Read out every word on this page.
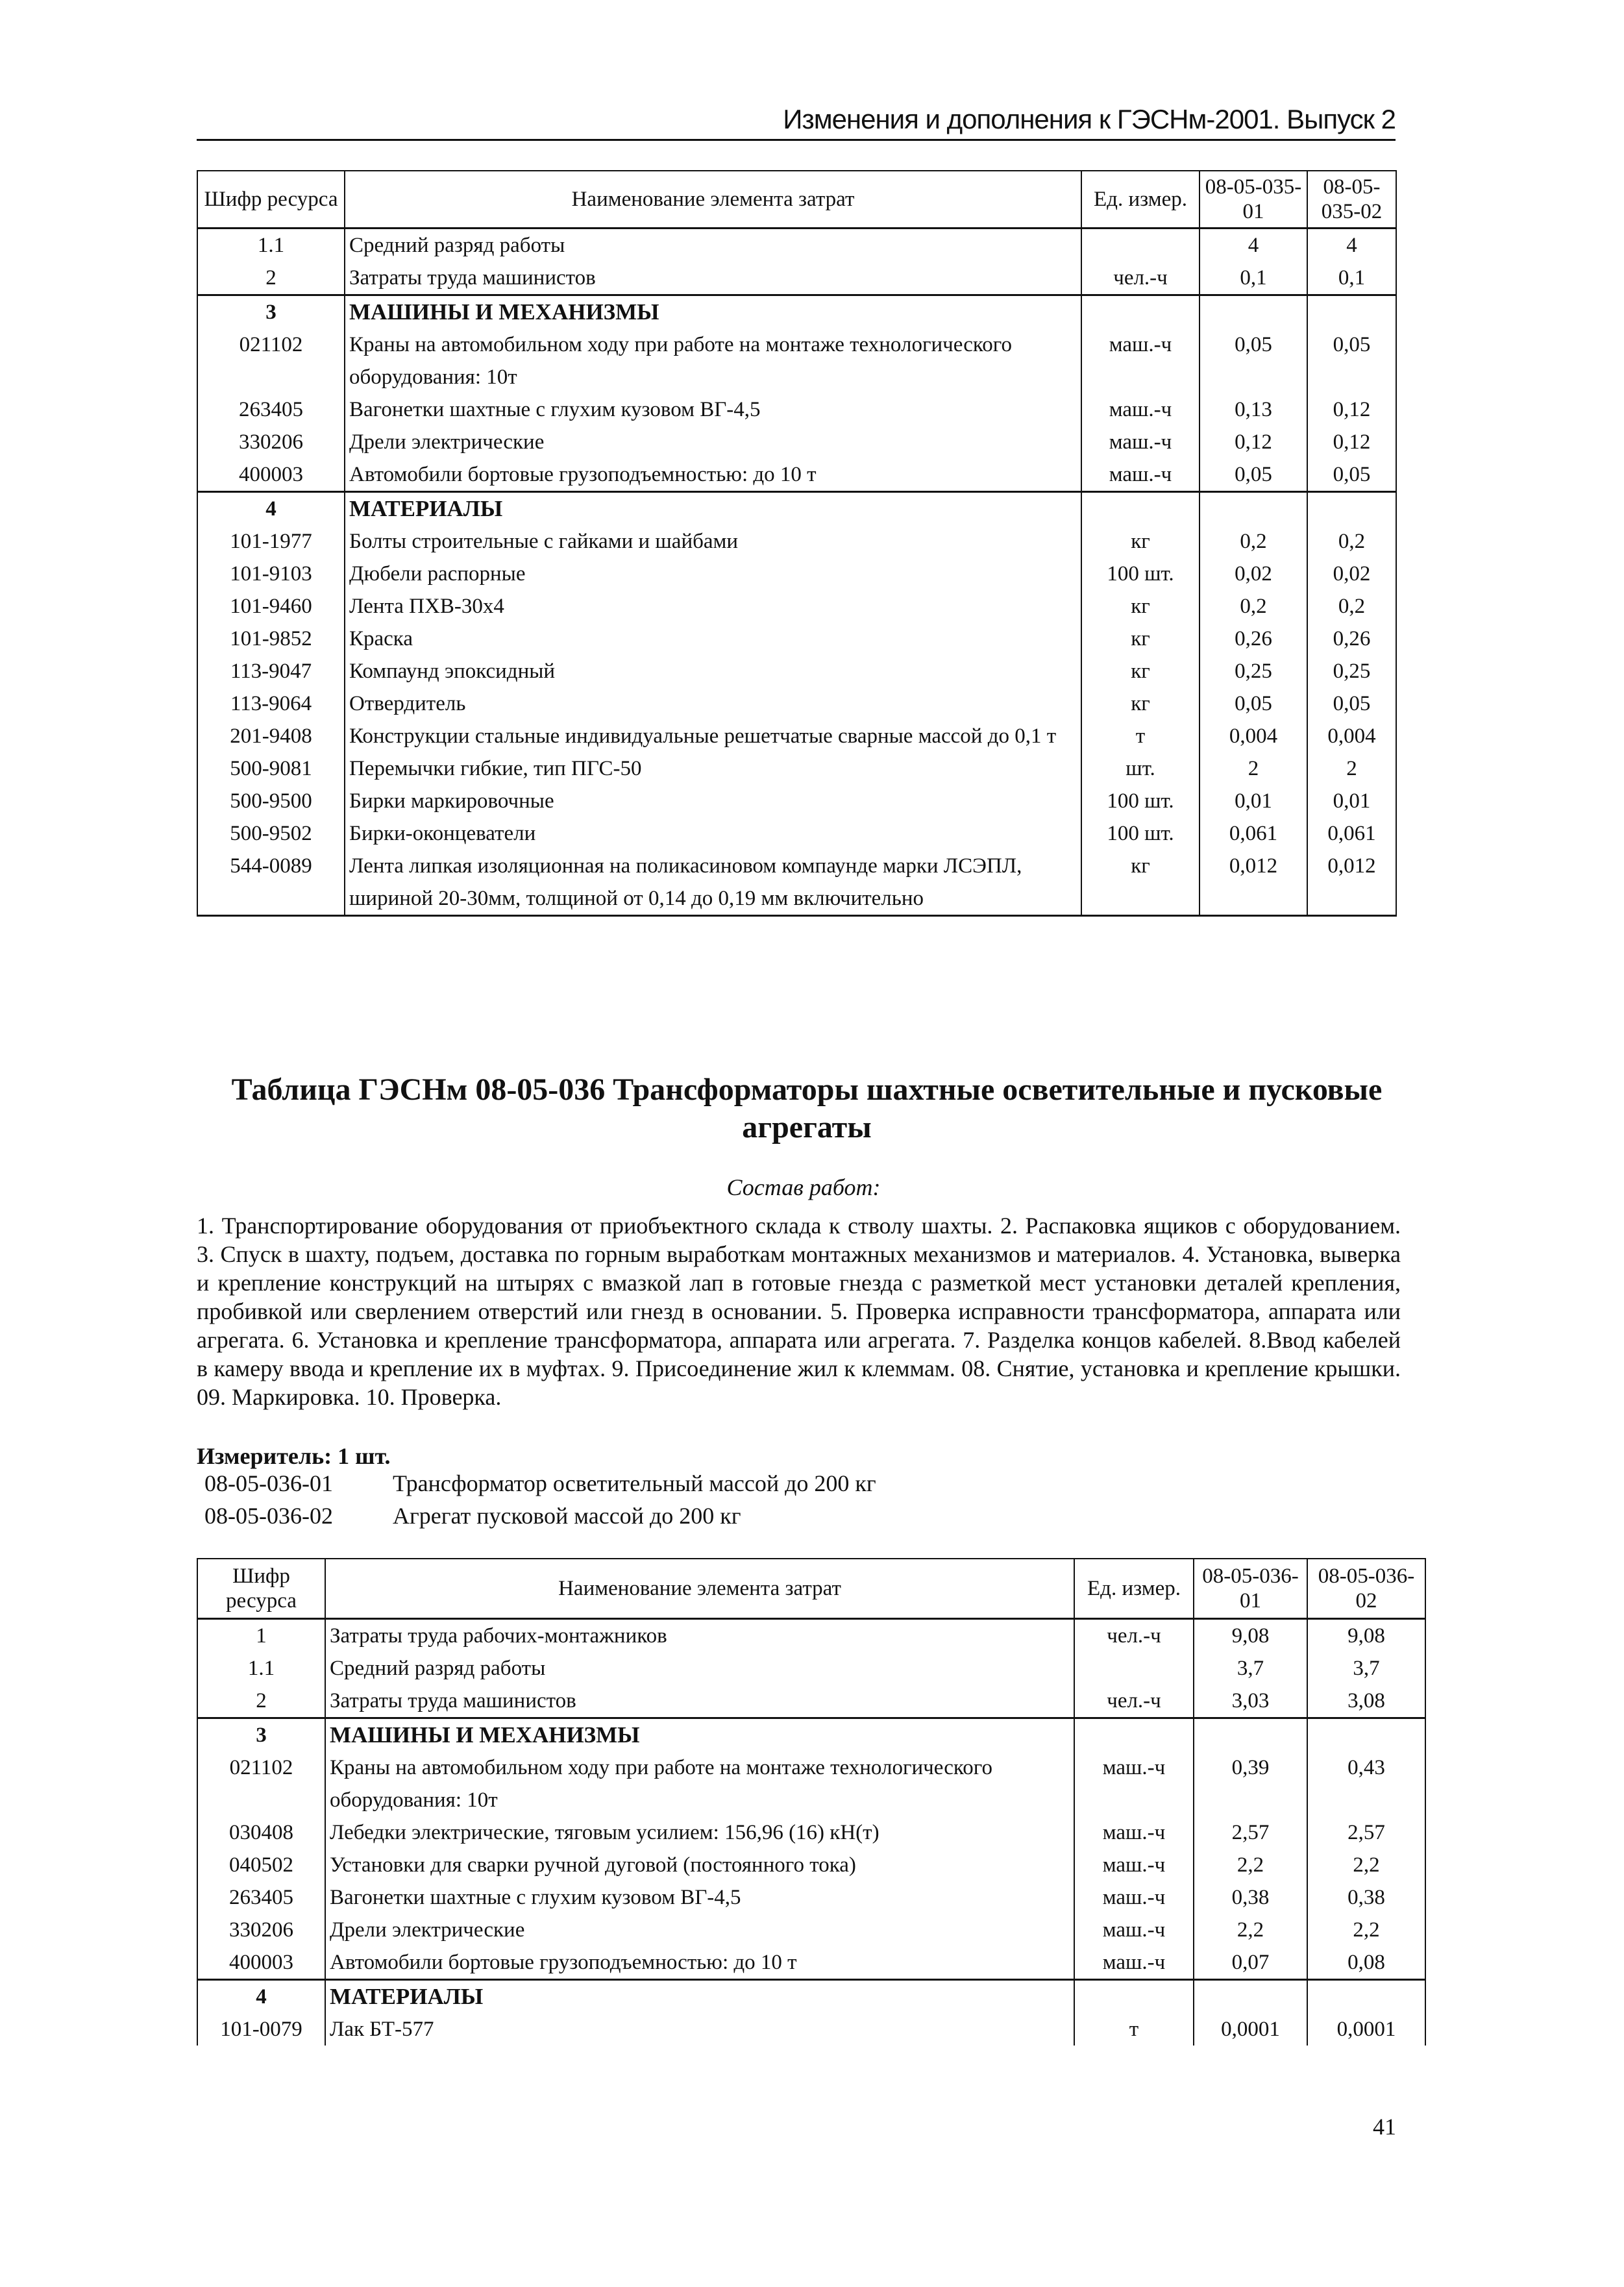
Изменения и дополнения к ГЭСНм-2001. Выпуск 2
Шифр ресурса	Наименование элемента затрат	Ед. измер.	08-05-035-01	08-05-035-02
1.1	Средний разряд работы		4	4
2	Затраты труда машинистов	чел.-ч	0,1	0,1
3	МАШИНЫ И МЕХАНИЗМЫ			
021102	Краны на автомобильном ходу при работе на монтаже технологического оборудования: 10т	маш.-ч	0,05	0,05
263405	Вагонетки шахтные с глухим кузовом ВГ-4,5	маш.-ч	0,13	0,12
330206	Дрели электрические	маш.-ч	0,12	0,12
400003	Автомобили бортовые грузоподъемностью: до 10 т	маш.-ч	0,05	0,05
4	МАТЕРИАЛЫ			
101-1977	Болты строительные с гайками и шайбами	кг	0,2	0,2
101-9103	Дюбели распорные	100 шт.	0,02	0,02
101-9460	Лента ПХВ-30х4	кг	0,2	0,2
101-9852	Краска	кг	0,26	0,26
113-9047	Компаунд эпоксидный	кг	0,25	0,25
113-9064	Отвердитель	кг	0,05	0,05
201-9408	Конструкции стальные индивидуальные решетчатые сварные массой до 0,1 т	т	0,004	0,004
500-9081	Перемычки гибкие, тип ПГС-50	шт.	2	2
500-9500	Бирки маркировочные	100 шт.	0,01	0,01
500-9502	Бирки-оконцеватели	100 шт.	0,061	0,061
544-0089	Лента липкая изоляционная на поликасиновом компаунде марки ЛСЭПЛ, шириной 20-30мм, толщиной от 0,14 до 0,19 мм включительно	кг	0,012	0,012
Таблица ГЭСНм 08-05-036 Трансформаторы шахтные осветительные и пусковые агрегаты
Состав работ:
1. Транспортирование оборудования от приобъектного склада к стволу шахты. 2. Распаковка ящиков с оборудованием. 3. Спуск в шахту, подъем, доставка по горным выработкам монтажных механизмов и материалов. 4. Установка, выверка и крепление конструкций на штырях с вмазкой лап в готовые гнезда с разметкой мест установки деталей крепления, пробивкой или сверлением отверстий или гнезд в основании. 5. Проверка исправности трансформатора, аппарата или агрегата. 6. Установка и крепление трансформатора, аппарата или агрегата. 7. Разделка концов кабелей. 8.Ввод кабелей в камеру ввода и крепление их в муфтах. 9. Присоединение жил к клеммам. 08. Снятие, установка и крепление крышки. 09. Маркировка. 10. Проверка.
Измеритель: 1 шт.
08-05-036-01	Трансформатор осветительный массой до 200 кг
08-05-036-02	Агрегат пусковой массой до 200 кг
Шифр ресурса	Наименование элемента затрат	Ед. измер.	08-05-036-01	08-05-036-02
1	Затраты труда рабочих-монтажников	чел.-ч	9,08	9,08
1.1	Средний разряд работы		3,7	3,7
2	Затраты труда машинистов	чел.-ч	3,03	3,08
3	МАШИНЫ И МЕХАНИЗМЫ			
021102	Краны на автомобильном ходу при работе на монтаже технологического оборудования: 10т	маш.-ч	0,39	0,43
030408	Лебедки электрические, тяговым усилием: 156,96 (16) кН(т)	маш.-ч	2,57	2,57
040502	Установки для сварки ручной дуговой (постоянного тока)	маш.-ч	2,2	2,2
263405	Вагонетки шахтные с глухим кузовом ВГ-4,5	маш.-ч	0,38	0,38
330206	Дрели электрические	маш.-ч	2,2	2,2
400003	Автомобили бортовые грузоподъемностью: до 10 т	маш.-ч	0,07	0,08
4	МАТЕРИАЛЫ			
101-0079	Лак БТ-577	т	0,0001	0,0001
41
